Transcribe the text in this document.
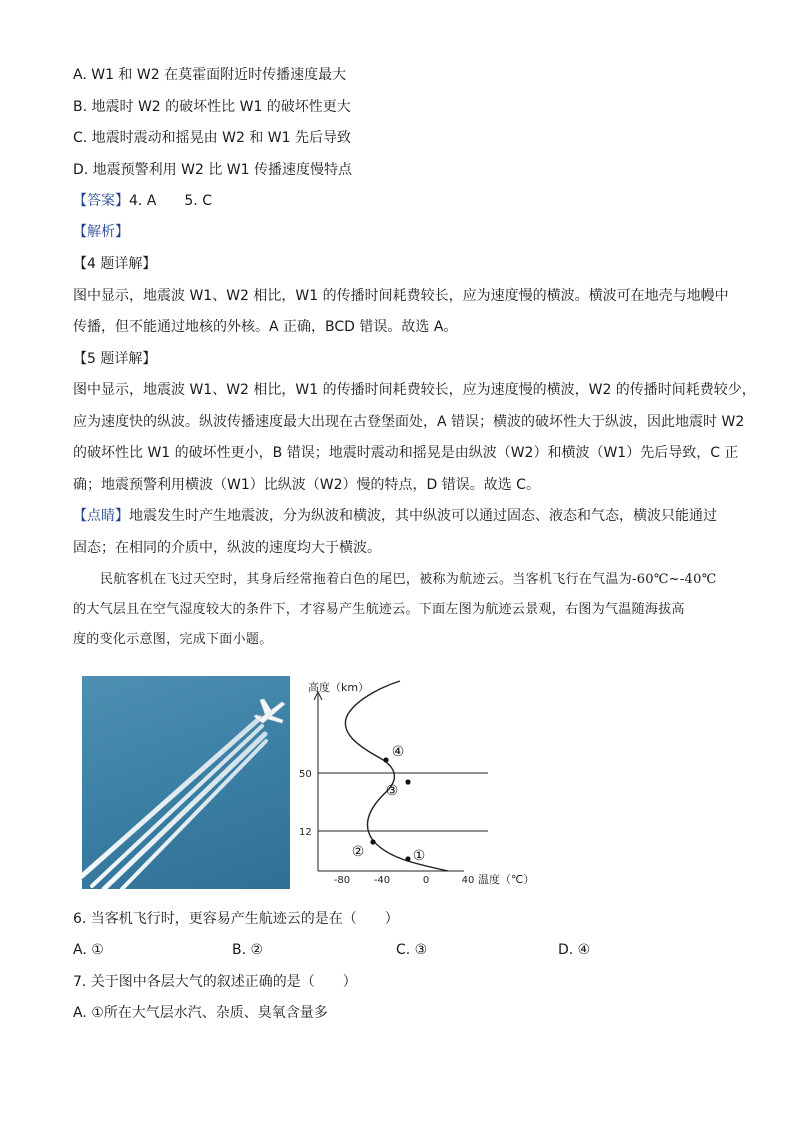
A. W1 和 W2 在莫霍面附近时传播速度最大
B. 地震时 W2 的破坏性比 W1 的破坏性更大
C. 地震时震动和摇晃由 W2 和 W1 先后导致
D. 地震预警利用 W2 比 W1 传播速度慢特点
【答案】4. A　　5. C
【解析】
【4 题详解】
图中显示，地震波 W1、W2 相比，W1 的传播时间耗费较长，应为速度慢的横波。横波可在地壳与地幔中
传播，但不能通过地核的外核。A 正确，BCD 错误。故选 A。
【5 题详解】
图中显示，地震波 W1、W2 相比，W1 的传播时间耗费较长，应为速度慢的横波，W2 的传播时间耗费较少，
应为速度快的纵波。纵波传播速度最大出现在古登堡面处，A 错误；横波的破坏性大于纵波，因此地震时 W2
的破坏性比 W1 的破坏性更小，B 错误；地震时震动和摇晃是由纵波（W2）和横波（W1）先后导致，C 正
确；地震预警利用横波（W1）比纵波（W2）慢的特点，D 错误。故选 C。
【点睛】地震发生时产生地震波，分为纵波和横波，其中纵波可以通过固态、液态和气态，横波只能通过
固态；在相同的介质中，纵波的速度均大于横波。
民航客机在飞过天空时，其身后经常拖着白色的尾巴，被称为航迹云。当客机飞行在气温为-60℃~-40℃
的大气层且在空气湿度较大的条件下，才容易产生航迹云。下面左图为航迹云景观，右图为气温随海拔高
度的变化示意图，完成下面小题。
高度（km）
温度（℃）
-80 -40	0	40
12
50
①
②
③
④
6. 当客机飞行时，更容易产生航迹云的是在（　　）
A. ①	B. ②	C. ③	D. ④
7. 关于图中各层大气的叙述正确的是（　　）
A. ①所在大气层水汽、杂质、臭氧含量多
